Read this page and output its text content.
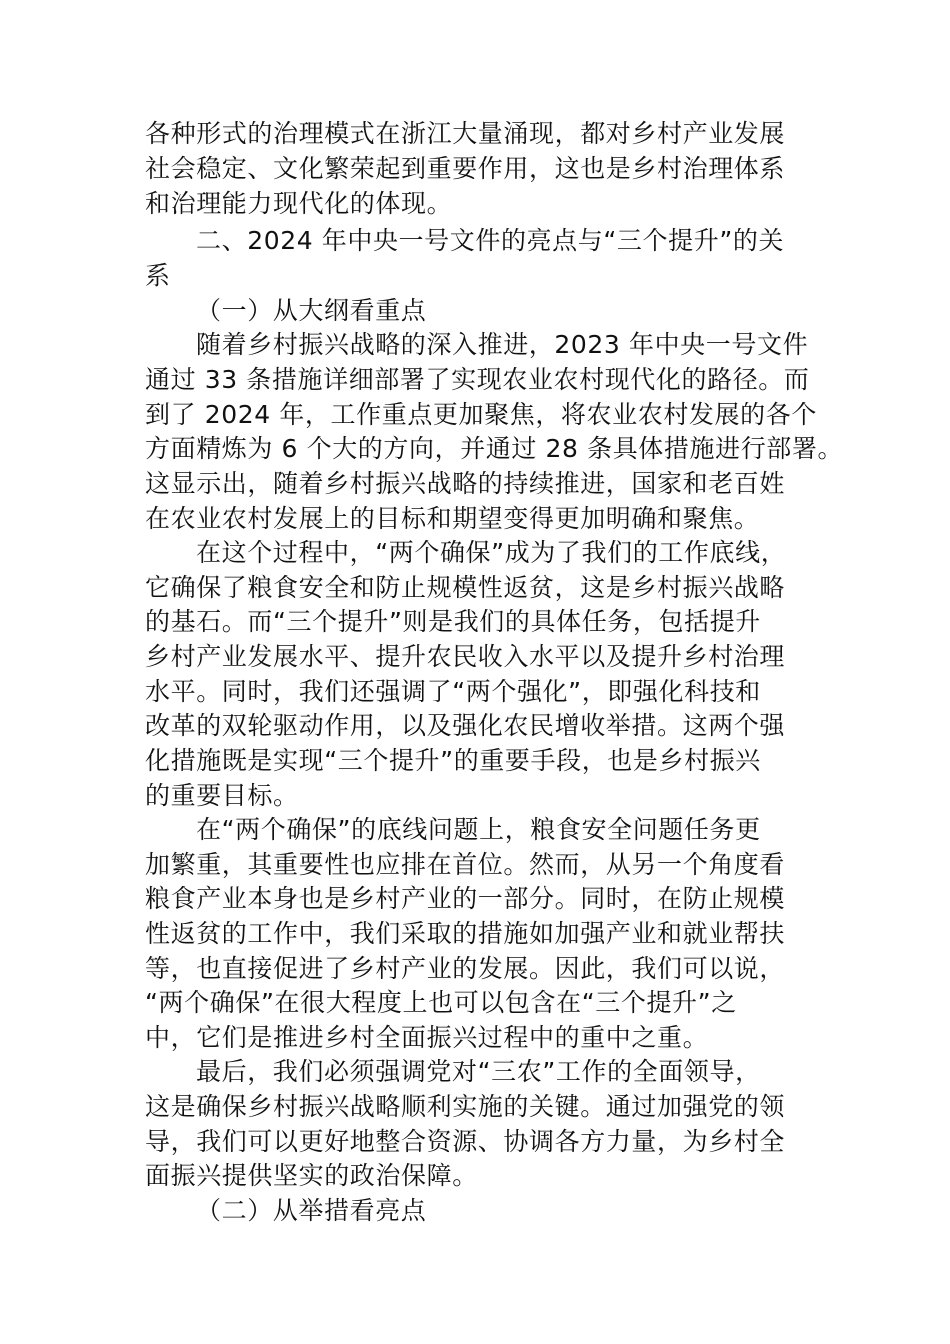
各种形式的治理模式在浙江大量涌现，都对乡村产业发展
社会稳定、文化繁荣起到重要作用，这也是乡村治理体系
和治理能力现代化的体现。
二、2024 年中央一号文件的亮点与“三个提升”的关
系
（一）从大纲看重点
随着乡村振兴战略的深入推进，2023 年中央一号文件
通过 33 条措施详细部署了实现农业农村现代化的路径。而
到了 2024 年，工作重点更加聚焦，将农业农村发展的各个
方面精炼为 6 个大的方向，并通过 28 条具体措施进行部署。
这显示出，随着乡村振兴战略的持续推进，国家和老百姓
在农业农村发展上的目标和期望变得更加明确和聚焦。
在这个过程中，“两个确保”成为了我们的工作底线，
它确保了粮食安全和防止规模性返贫，这是乡村振兴战略
的基石。而“三个提升”则是我们的具体任务，包括提升
乡村产业发展水平、提升农民收入水平以及提升乡村治理
水平。同时，我们还强调了“两个强化”，即强化科技和
改革的双轮驱动作用，以及强化农民增收举措。这两个强
化措施既是实现“三个提升”的重要手段，也是乡村振兴
的重要目标。
在“两个确保”的底线问题上，粮食安全问题任务更
加繁重，其重要性也应排在首位。然而，从另一个角度看
粮食产业本身也是乡村产业的一部分。同时，在防止规模
性返贫的工作中，我们采取的措施如加强产业和就业帮扶
等，也直接促进了乡村产业的发展。因此，我们可以说，
“两个确保”在很大程度上也可以包含在“三个提升”之
中，它们是推进乡村全面振兴过程中的重中之重。
最后，我们必须强调党对“三农”工作的全面领导，
这是确保乡村振兴战略顺利实施的关键。通过加强党的领
导，我们可以更好地整合资源、协调各方力量，为乡村全
面振兴提供坚实的政治保障。
（二）从举措看亮点
